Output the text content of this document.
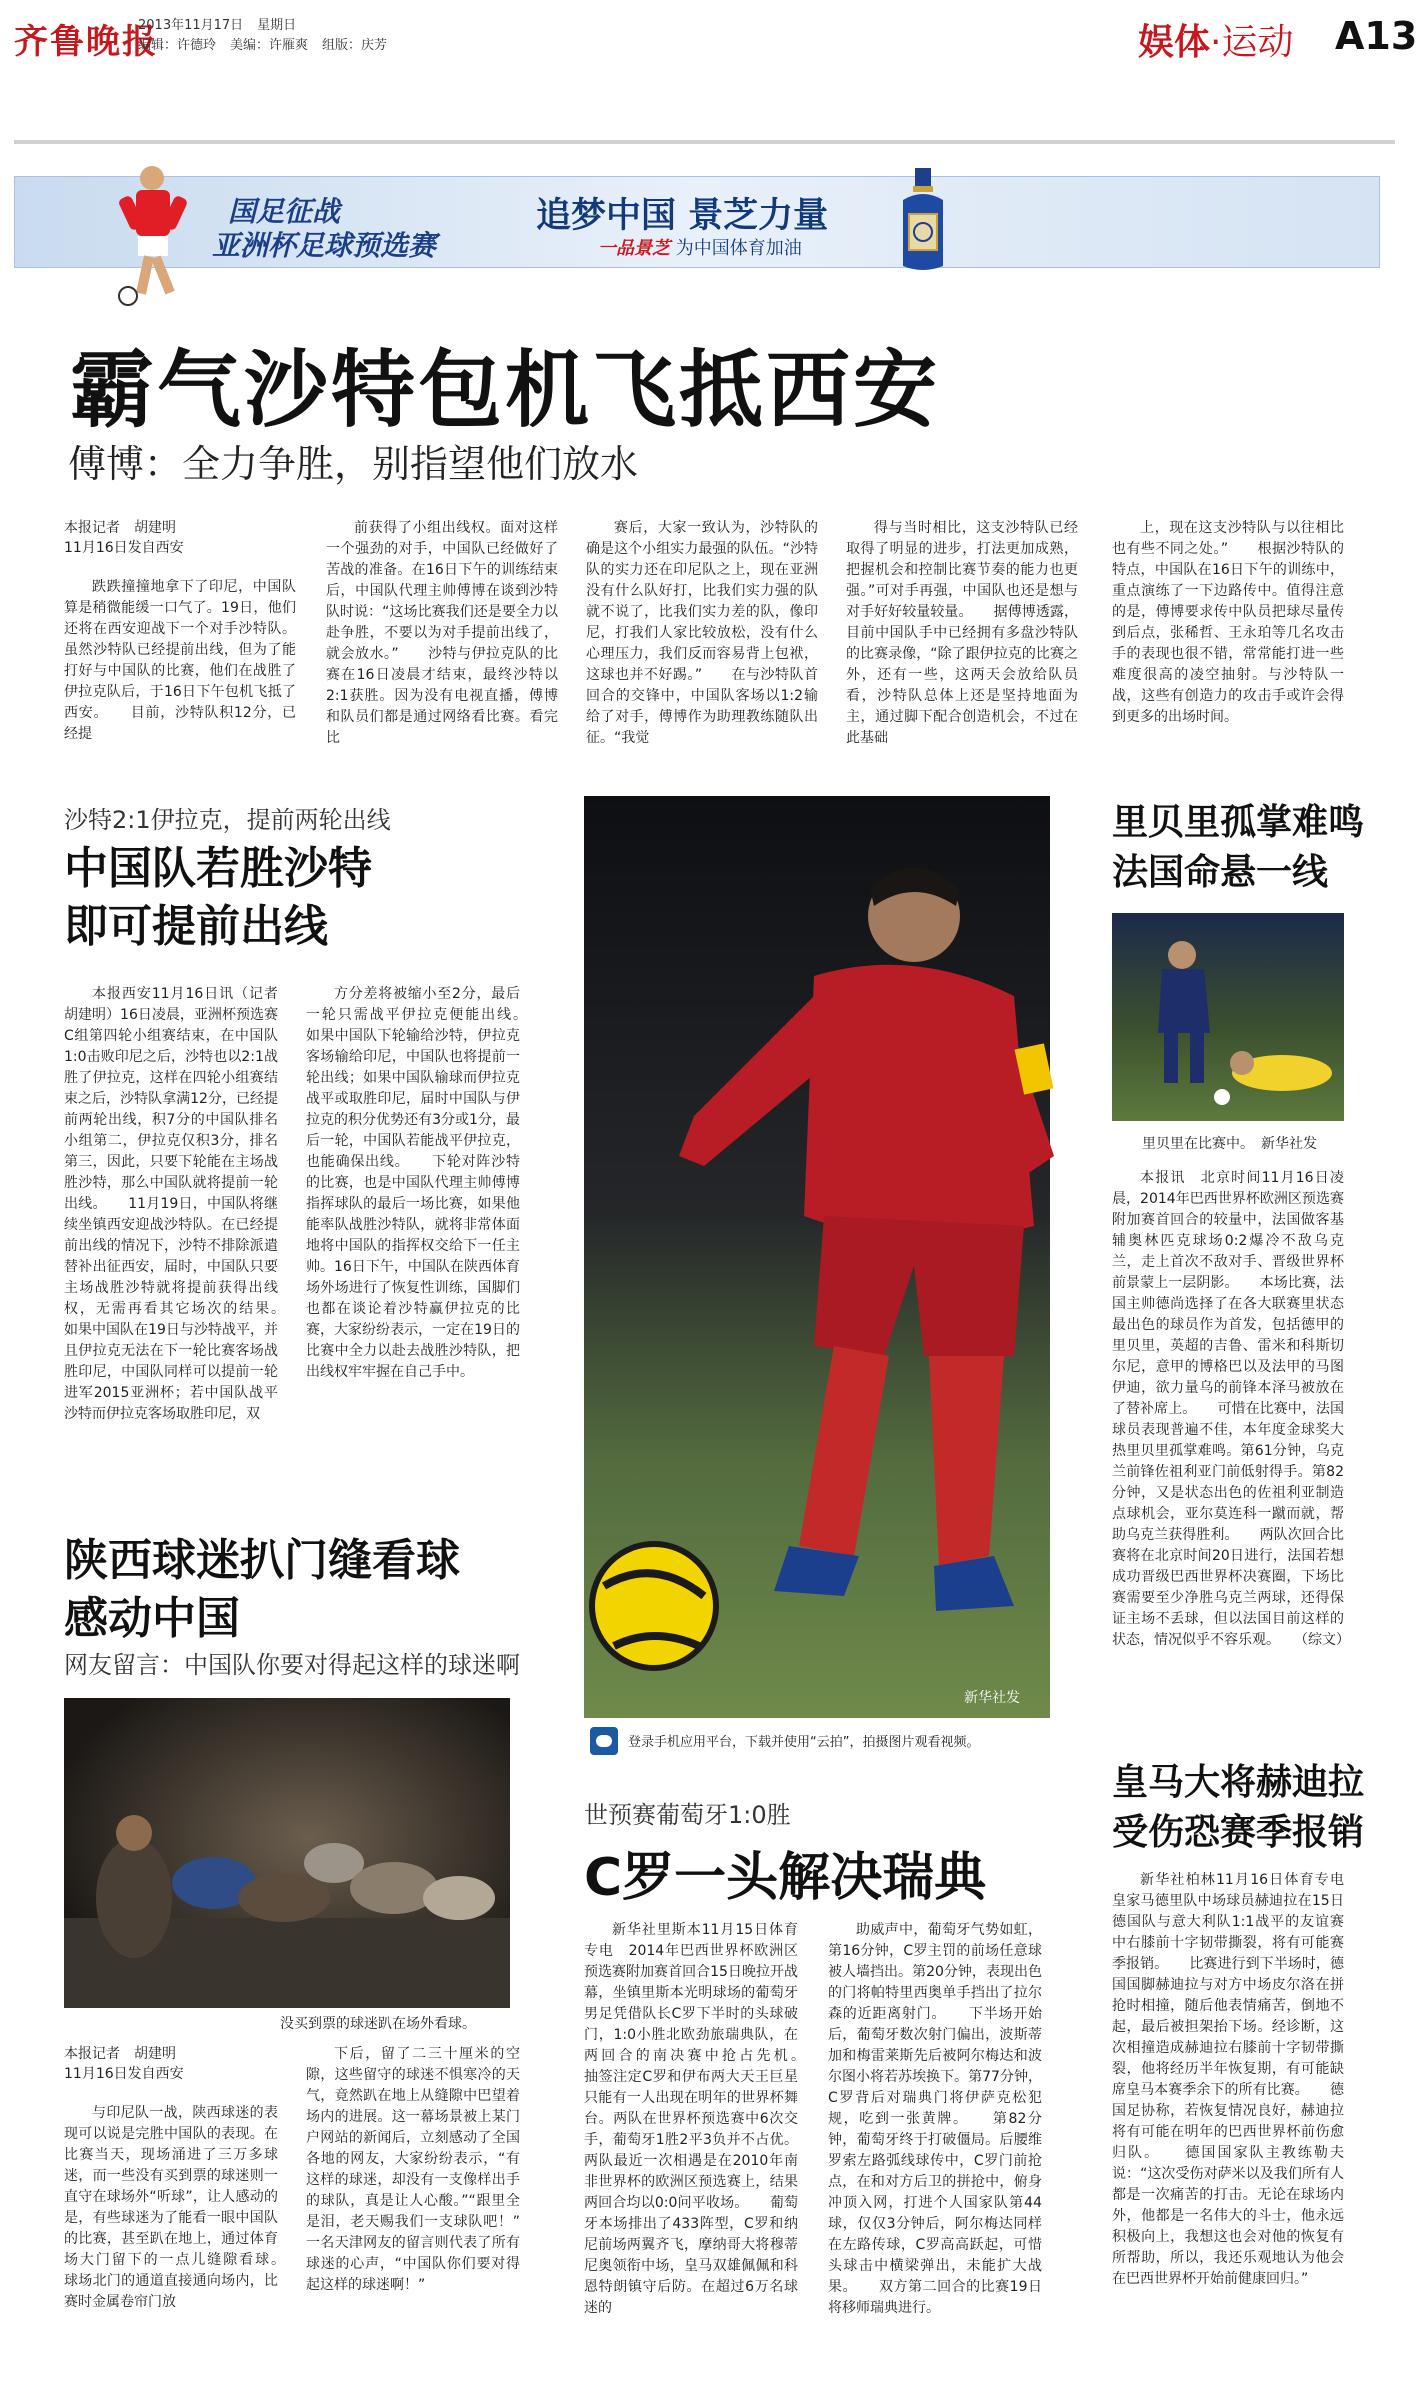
齐鲁晚报
2013年11月17日 星期日
编辑：许德玲 美编：许雁爽 组版：庆芳	娱体·运动 A13
国足征战
亚洲杯足球预选赛
追梦中国 景芝力量
一品景芝 为中国体育加油
霸气沙特包机飞抵西安
傅博：全力争胜，别指望他们放水
本报记者　胡建明
11月16日发自西安

跌跌撞撞地拿下了印尼，中国队算是稍微能缓一口气了。19日，他们还将在西安迎战下一个对手沙特队。虽然沙特队已经提前出线，但为了能打好与中国队的比赛，他们在战胜了伊拉克队后，于16日下午包机飞抵了西安。　　目前，沙特队积12分，已经提

前获得了小组出线权。面对这样一个强劲的对手，中国队已经做好了苦战的准备。在16日下午的训练结束后，中国队代理主帅傅博在谈到沙特队时说：“这场比赛我们还是要全力以赴争胜，不要以为对手提前出线了，就会放水。”　　沙特与伊拉克队的比赛在16日凌晨才结束，最终沙特以2:1获胜。因为没有电视直播，傅博和队员们都是通过网络看比赛。看完比

赛后，大家一致认为，沙特队的确是这个小组实力最强的队伍。“沙特队的实力还在印尼队之上，现在亚洲没有什么队好打，比我们实力强的队就不说了，比我们实力差的队，像印尼，打我们人家比较放松，没有什么心理压力，我们反而容易背上包袱，这球也并不好踢。”　　在与沙特队首回合的交锋中，中国队客场以1:2输给了对手，傅博作为助理教练随队出征。“我觉

得与当时相比，这支沙特队已经取得了明显的进步，打法更加成熟，把握机会和控制比赛节奏的能力也更强。”可对手再强，中国队也还是想与对手好好较量较量。　　据傅博透露，目前中国队手中已经拥有多盘沙特队的比赛录像，“除了跟伊拉克的比赛之外，还有一些，这两天会放给队员看，沙特队总体上还是坚持地面为主，通过脚下配合创造机会，不过在此基础

上，现在这支沙特队与以往相比也有些不同之处。”　　根据沙特队的特点，中国队在16日下午的训练中，重点演练了一下边路传中。值得注意的是，傅博要求传中队员把球尽量传到后点，张稀哲、王永珀等几名攻击手的表现也很不错，常常能打进一些难度很高的凌空抽射。与沙特队一战，这些有创造力的攻击手或许会得到更多的出场时间。

沙特2:1伊拉克，提前两轮出线
中国队若胜沙特
即可提前出线

本报西安11月16日讯（记者　胡建明）16日凌晨，亚洲杯预选赛C组第四轮小组赛结束，在中国队1:0击败印尼之后，沙特也以2:1战胜了伊拉克，这样在四轮小组赛结束之后，沙特队拿满12分，已经提前两轮出线，积7分的中国队排名小组第二，伊拉克仅积3分，排名第三，因此，只要下轮能在主场战胜沙特，那么中国队就将提前一轮出线。　　11月19日，中国队将继续坐镇西安迎战沙特队。在已经提前出线的情况下，沙特不排除派遣替补出征西安，届时，中国队只要主场战胜沙特就将提前获得出线权，无需再看其它场次的结果。　　如果中国队在19日与沙特战平，并且伊拉克无法在下一轮比赛客场战胜印尼，中国队同样可以提前一轮进军2015亚洲杯；若中国队战平沙特而伊拉克客场取胜印尼，双

方分差将被缩小至2分，最后一轮只需战平伊拉克便能出线。　　如果中国队下轮输给沙特，伊拉克客场输给印尼，中国队也将提前一轮出线；如果中国队输球而伊拉克战平或取胜印尼，届时中国队与伊拉克的积分优势还有3分或1分，最后一轮，中国队若能战平伊拉克，也能确保出线。　　下轮对阵沙特的比赛，也是中国队代理主帅傅博指挥球队的最后一场比赛，如果他能率队战胜沙特队，就将非常体面地将中国队的指挥权交给下一任主帅。16日下午，中国队在陕西体育场外场进行了恢复性训练，国脚们也都在谈论着沙特赢伊拉克的比赛，大家纷纷表示，一定在19日的比赛中全力以赴去战胜沙特队，把出线权牢牢握在自己手中。

陕西球迷扒门缝看球
感动中国
网友留言：中国队你要对得起这样的球迷啊
没买到票的球迷趴在场外看球。
本报记者　胡建明
11月16日发自西安

与印尼队一战，陕西球迷的表现可以说是完胜中国队的表现。在比赛当天，现场涌进了三万多球迷，而一些没有买到票的球迷则一直守在球场外“听球”，让人感动的是，有些球迷为了能看一眼中国队的比赛，甚至趴在地上，通过体育场大门留下的一点儿缝隙看球。　　球场北门的通道直接通向场内，比赛时金属卷帘门放

下后，留了二三十厘米的空隙，这些留守的球迷不惧寒冷的天气，竟然趴在地上从缝隙中巴望着场内的进展。这一幕场景被上某门户网站的新闻后，立刻感动了全国各地的网友，大家纷纷表示，“有这样的球迷，却没有一支像样出手的球队，真是让人心酸。”“跟里全是泪，老天赐我们一支球队吧！”　　一名天津网友的留言则代表了所有球迷的心声，“中国队你们要对得起这样的球迷啊！”

新华社发
登录手机应用平台，下载并使用“云拍”，拍摄图片观看视频。
世预赛葡萄牙1:0胜
C罗一头解决瑞典

新华社里斯本11月15日体育专电　2014年巴西世界杯欧洲区预选赛附加赛首回合15日晚拉开战幕，坐镇里斯本光明球场的葡萄牙男足凭借队长C罗下半时的头球破门，1:0小胜北欧劲旅瑞典队，在两回合的南决赛中抢占先机。　　抽签注定C罗和伊布两大天王巨星只能有一人出现在明年的世界杯舞台。两队在世界杯预选赛中6次交手，葡萄牙1胜2平3负并不占优。两队最近一次相遇是在2010年南非世界杯的欧洲区预选赛上，结果两回合均以0:0问平收场。　　葡萄牙本场排出了433阵型，C罗和纳尼前场两翼齐飞，摩纳哥大将穆蒂尼奥领衔中场，皇马双雄佩佩和科恩特朗镇守后防。在超过6万名球迷的

助威声中，葡萄牙气势如虹，第16分钟，C罗主罚的前场任意球被人墙挡出。第20分钟，表现出色的门将帕特里西奥单手挡出了拉尔森的近距离射门。　　下半场开始后，葡萄牙数次射门偏出，波斯蒂加和梅雷莱斯先后被阿尔梅达和波尔图小将若苏埃换下。第77分钟，C罗背后对瑞典门将伊萨克松犯规，吃到一张黄牌。　　第82分钟，葡萄牙终于打破僵局。后腰维罗索左路弧线球传中，C罗门前抢点，在和对方后卫的拼抢中，俯身冲顶入网，打进个人国家队第44球，仅仅3分钟后，阿尔梅达同样在左路传球，C罗高高跃起，可惜头球击中横梁弹出，未能扩大战果。　　双方第二回合的比赛19日将移师瑞典进行。

里贝里孤掌难鸣
法国命悬一线
里贝里在比赛中。　新华社发

本报讯　北京时间11月16日凌晨，2014年巴西世界杯欧洲区预选赛附加赛首回合的较量中，法国做客基辅奥林匹克球场0:2爆冷不敌乌克兰，走上首次不敌对手、晋级世界杯前景蒙上一层阴影。　　本场比赛，法国主帅德尚选择了在各大联赛里状态最出色的球员作为首发，包括德甲的里贝里，英超的吉鲁、雷米和科斯切尔尼，意甲的博格巴以及法甲的马图伊迪，欲力量乌的前锋本泽马被放在了替补席上。　　可惜在比赛中，法国球员表现普遍不佳，本年度金球奖大热里贝里孤掌难鸣。第61分钟，乌克兰前锋佐祖利亚门前低射得手。第82分钟，又是状态出色的佐祖利亚制造点球机会，亚尔莫连科一蹴而就，帮助乌克兰获得胜利。　　两队次回合比赛将在北京时间20日进行，法国若想成功晋级巴西世界杯决赛圈，下场比赛需要至少净胜乌克兰两球，还得保证主场不丢球，但以法国目前这样的状态，情况似乎不容乐观。　　（综文）

皇马大将赫迪拉
受伤恐赛季报销

新华社柏林11月16日体育专电　皇家马德里队中场球员赫迪拉在15日德国队与意大利队1:1战平的友谊赛中右膝前十字韧带撕裂，将有可能赛季报销。　　比赛进行到下半场时，德国国脚赫迪拉与对方中场皮尔洛在拼抢时相撞，随后他表情痛苦，倒地不起，最后被担架抬下场。经诊断，这次相撞造成赫迪拉右膝前十字韧带撕裂，他将经历半年恢复期，有可能缺席皇马本赛季余下的所有比赛。　　德国足协称，若恢复情况良好，赫迪拉将有可能在明年的巴西世界杯前伤愈归队。　　德国国家队主教练勒夫说：“这次受伤对萨米以及我们所有人都是一次痛苦的打击。无论在球场内外，他都是一名伟大的斗士，他永远积极向上，我想这也会对他的恢复有所帮助，所以，我还乐观地认为他会在巴西世界杯开始前健康回归。”
